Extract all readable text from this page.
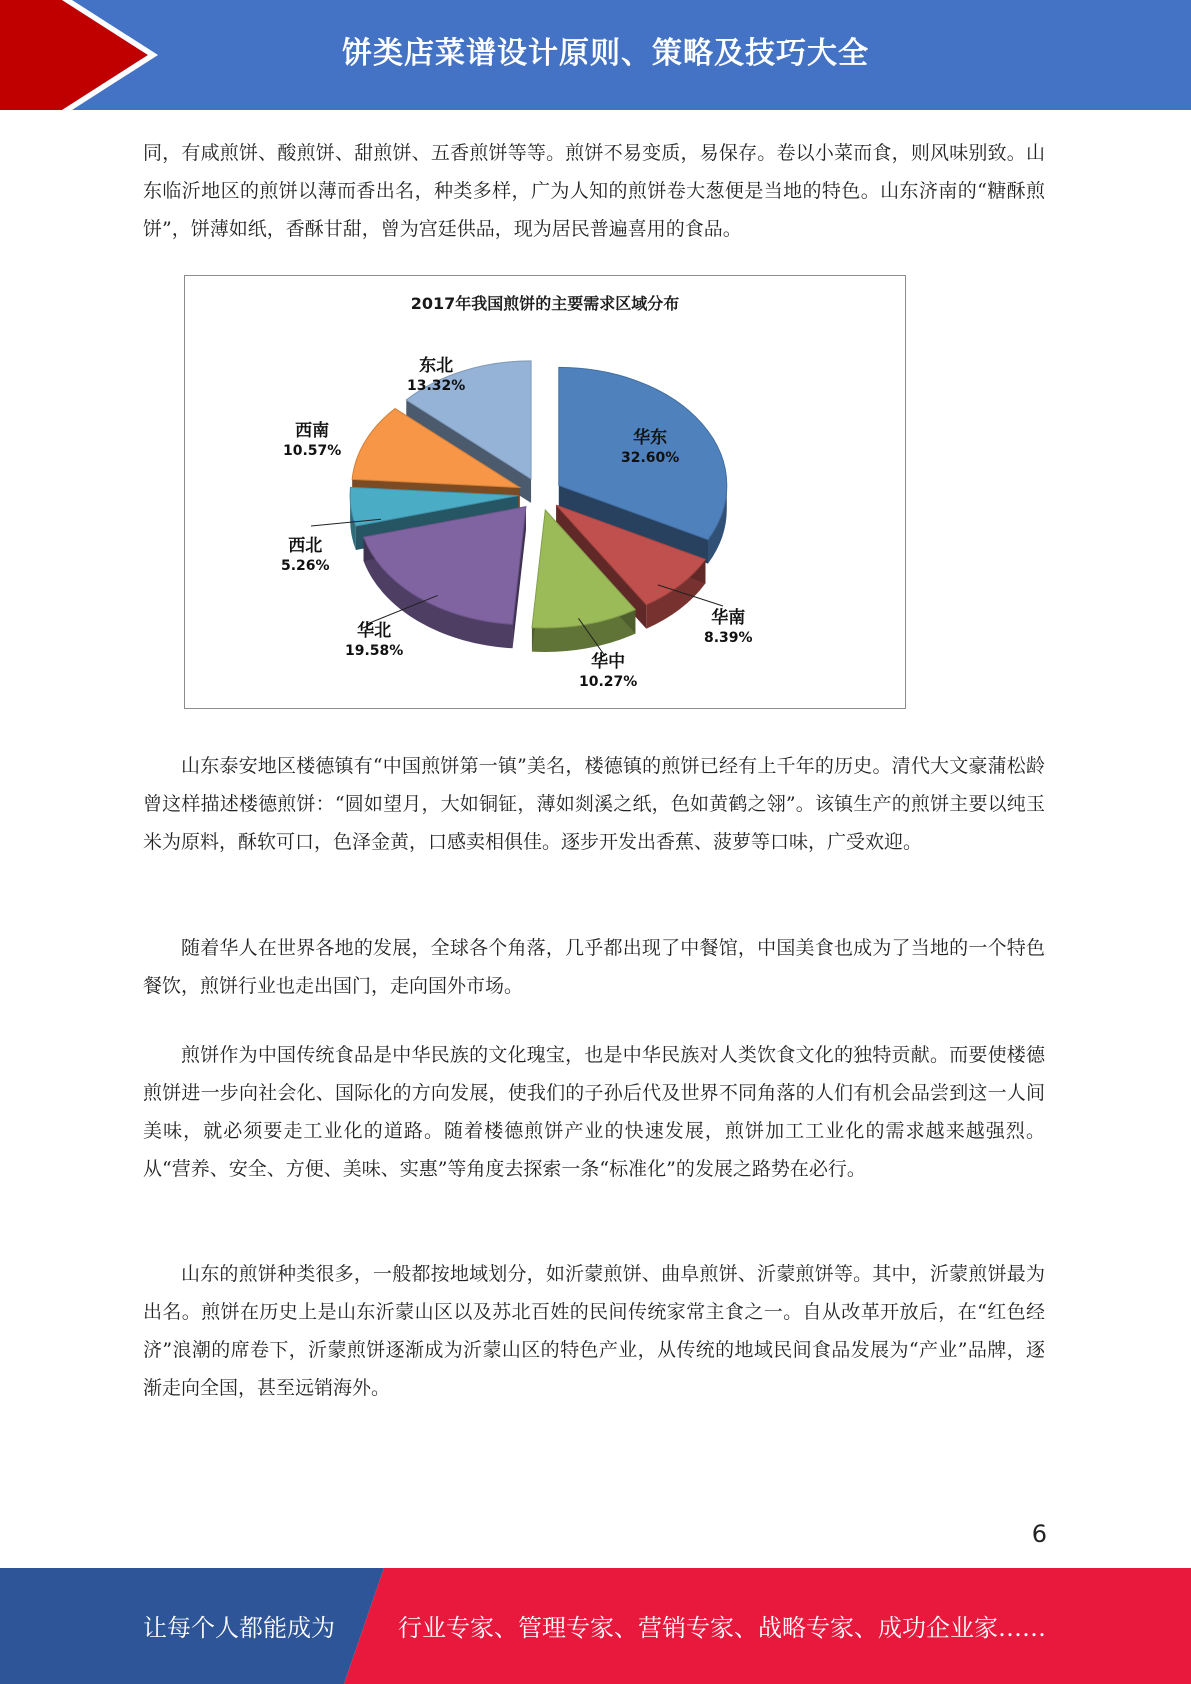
饼类店菜谱设计原则、策略及技巧大全

同，有咸煎饼、酸煎饼、甜煎饼、五香煎饼等等。煎饼不易变质，易保存。卷以小菜而食，则风味别致。山东临沂地区的煎饼以薄而香出名，种类多样，广为人知的煎饼卷大葱便是当地的特色。山东济南的“糖酥煎饼”，饼薄如纸，香酥甘甜，曾为宫廷供品，现为居民普遍喜用的食品。

2017年我国煎饼的主要需求区域分布
华东
32.60%
华南
8.39%
华中
10.27%
华北
19.58%
西北
5.26%
西南
10.57%
东北
13.32%

山东泰安地区楼德镇有“中国煎饼第一镇”美名，楼德镇的煎饼已经有上千年的历史。清代大文豪蒲松龄曾这样描述楼德煎饼：“圆如望月，大如铜钲，薄如剡溪之纸，色如黄鹤之翎”。该镇生产的煎饼主要以纯玉米为原料，酥软可口，色泽金黄，口感卖相俱佳。逐步开发出香蕉、菠萝等口味，广受欢迎。

随着华人在世界各地的发展，全球各个角落，几乎都出现了中餐馆，中国美食也成为了当地的一个特色餐饮，煎饼行业也走出国门，走向国外市场。

煎饼作为中国传统食品是中华民族的文化瑰宝，也是中华民族对人类饮食文化的独特贡献。而要使楼德煎饼进一步向社会化、国际化的方向发展，使我们的子孙后代及世界不同角落的人们有机会品尝到这一人间美味，就必须要走工业化的道路。随着楼德煎饼产业的快速发展，煎饼加工工业化的需求越来越强烈。从“营养、安全、方便、美味、实惠”等角度去探索一条“标准化”的发展之路势在必行。

山东的煎饼种类很多，一般都按地域划分，如沂蒙煎饼、曲阜煎饼、沂蒙煎饼等。其中，沂蒙煎饼最为出名。煎饼在历史上是山东沂蒙山区以及苏北百姓的民间传统家常主食之一。自从改革开放后，在“红色经济”浪潮的席卷下，沂蒙煎饼逐渐成为沂蒙山区的特色产业，从传统的地域民间食品发展为“产业”品牌，逐渐走向全国，甚至远销海外。

6
让每个人都能成为	行业专家、管理专家、营销专家、战略专家、成功企业家……
